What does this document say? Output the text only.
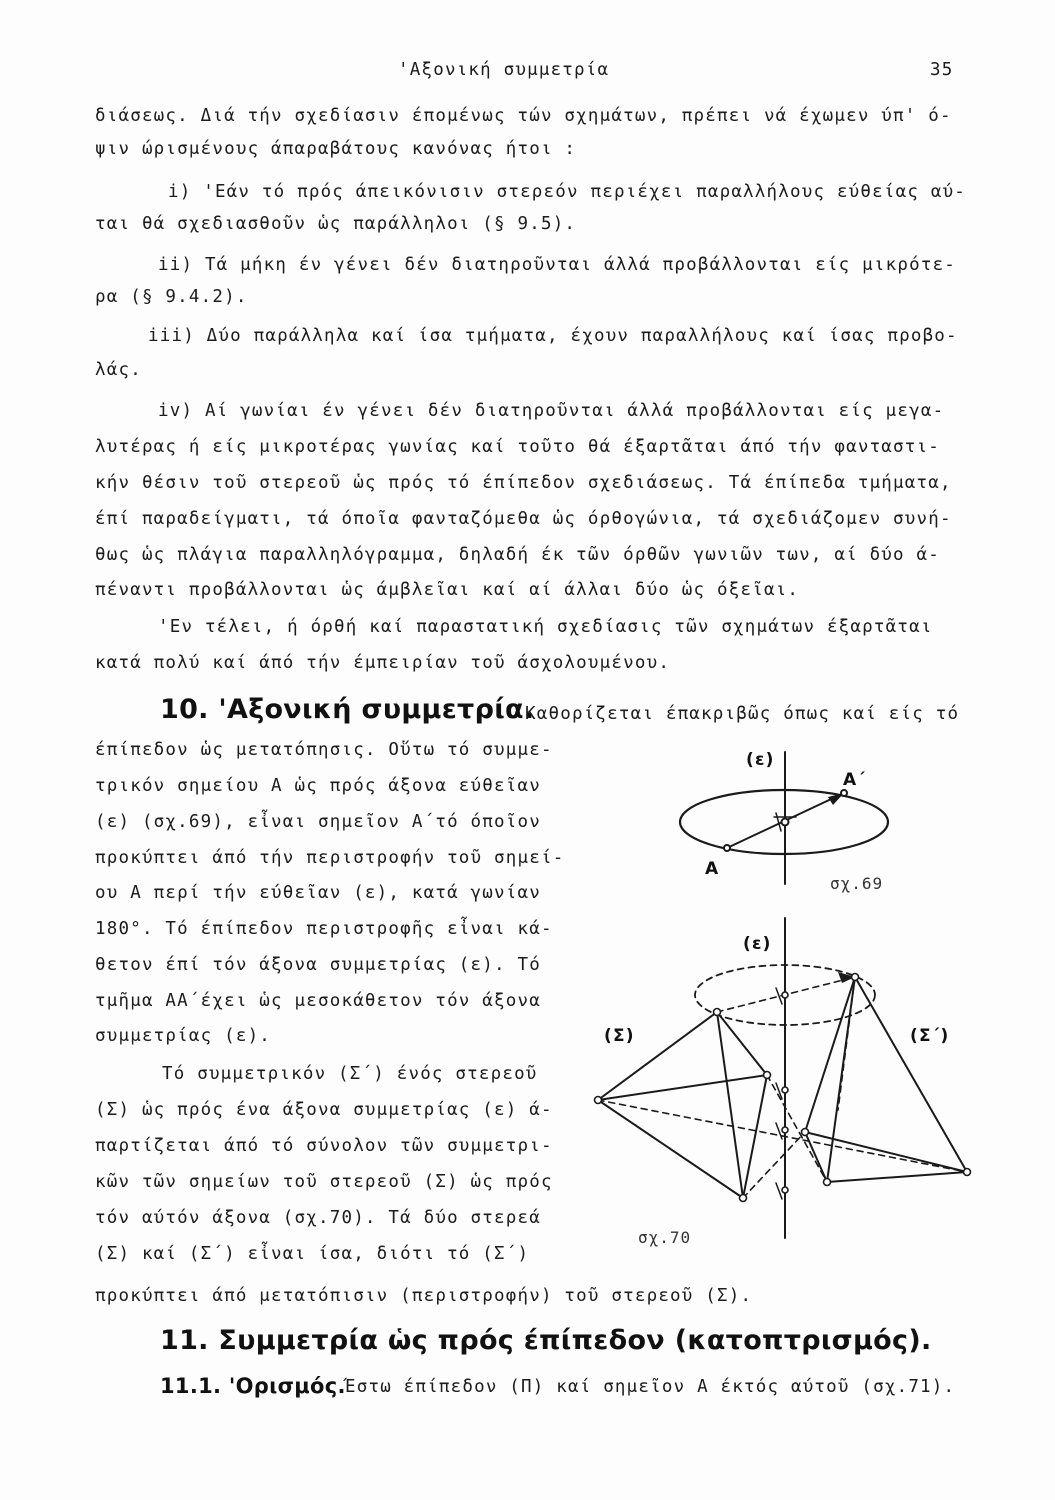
'Αξονική συμμετρία	35
διάσεως. Διά τήν σχεδίασιν έπομένως τών σχημάτων, πρέπει νά έχωμεν ύπ' ό-
ψιν ώρισμένους άπαραβάτους κανόνας ήτοι :
i) 'Εάν τό πρός άπεικόνισιν στερεόν περιέχει παραλλήλους εύθείας αύ-
ται θά σχεδιασθοῦν ὡς παράλληλοι (§ 9.5).
ii) Τά μήκη έν γένει δέν διατηροῦνται άλλά προβάλλονται είς μικρότε-
ρα (§ 9.4.2).
iii) Δύο παράλληλα καί ίσα τμήματα, έχουν παραλλήλους καί ίσας προβο-
λάς.
iv) Αί γωνίαι έν γένει δέν διατηροῦνται άλλά προβάλλονται είς μεγα-
λυτέρας ή είς μικροτέρας γωνίας καί τοῦτο θά έξαρτᾶται άπό τήν φανταστι-
κήν θέσιν τοῦ στερεοῦ ὡς πρός τό έπίπεδον σχεδιάσεως. Τά έπίπεδα τμήματα,
έπί παραδείγματι, τά όποῖα φανταζόμεθα ὡς όρθογώνια, τά σχεδιάζομεν συνή-
θως ὡς πλάγια παραλληλόγραμμα, δηλαδή έκ τῶν όρθῶν γωνιῶν των, αί δύο ά-
πέναντι προβάλλονται ὡς άμβλεῖαι καί αί άλλαι δύο ὡς όξεῖαι.
'Εν τέλει, ή όρθή καί παραστατική σχεδίασις τῶν σχημάτων έξαρτᾶται
κατά πολύ καί άπό τήν έμπειρίαν τοῦ άσχολουμένου.
10. 'Αξονική συμμετρία.
Καθορίζεται έπακριβῶς όπως καί είς τό
έπίπεδον ὡς μετατόπησις. Οὕτω τό συμμε-
τρικόν σημείου Α ὡς πρός άξονα εύθεῖαν
(ε) (σχ.69), εἶναι σημεῖον Α΄τό όποῖον
προκύπτει άπό τήν περιστροφήν τοῦ σημεί-
ου Α περί τήν εύθεῖαν (ε), κατά γωνίαν
180°. Τό έπίπεδον περιστροφῆς εἶναι κά-
θετον έπί τόν άξονα συμμετρίας (ε). Τό
τμῆμα ΑΑ΄έχει ὡς μεσοκάθετον τόν άξονα
συμμετρίας (ε).
Τό συμμετρικόν (Σ΄) ένός στερεοῦ
(Σ) ὡς πρός ένα άξονα συμμετρίας (ε) ά-
παρτίζεται άπό τό σύνολον τῶν συμμετρι-
κῶν τῶν σημείων τοῦ στερεοῦ (Σ) ὡς πρός
τόν αύτόν άξονα (σχ.70). Τά δύο στερεά
(Σ) καί (Σ΄) εἶναι ίσα, διότι τό (Σ΄)
προκύπτει άπό μετατόπισιν (περιστροφήν) τοῦ στερεοῦ (Σ).
(ε)
Α
Α΄
σχ.69
(ε)
(Σ)	(Σ΄)
σχ.70
11. Συμμετρία ὡς πρός έπίπεδον (κατοπτρισμός).
11.1. 'Ορισμός. Έστω έπίπεδον (Π) καί σημεῖον Α έκτός αύτοῦ (σχ.71).
